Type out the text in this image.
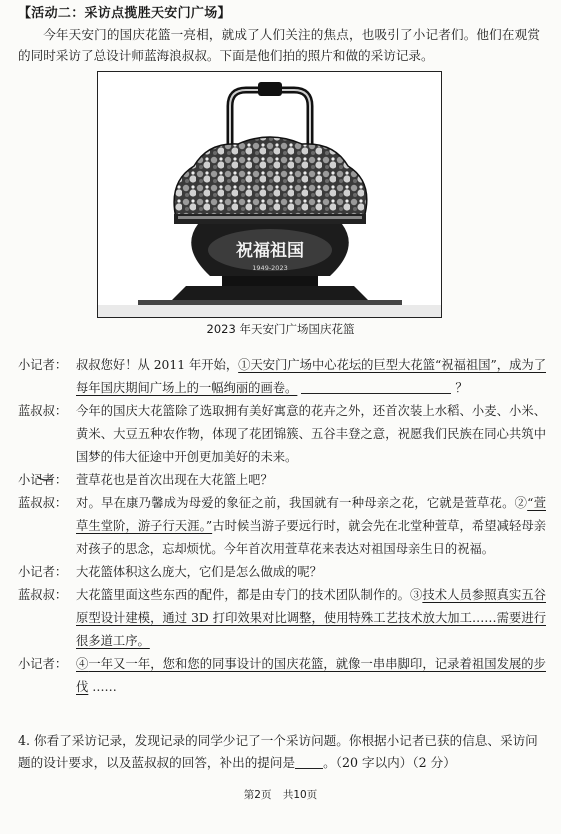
【活动二：采访点揽胜天安门广场】
今年天安门的国庆花篮一亮相，就成了人们关注的焦点，也吸引了小记者们。他们在观赏的同时采访了总设计师蓝海浪叔叔。下面是他们拍的照片和做的采访记录。
祝福祖国
1949-2023
2023 年天安门广场国庆花篮
小记者： 叔叔您好！从 2011 年开始，①天安门广场中心花坛的巨型大花篮“祝福祖国”，成为了每年国庆期间广场上的一幅绚丽的画卷。	？
蓝叔叔： 今年的国庆大花篮除了选取拥有美好寓意的花卉之外，还首次装上水稻、小麦、小米、黄米、大豆五种农作物，体现了花团锦簇、五谷丰登之意，祝愿我们民族在同心共筑中国梦的伟大征途中开创更加美好的未来。
小记者： 萱草花也是首次出现在大花篮上吧？
蓝叔叔： 对。早在康乃馨成为母爱的象征之前，我国就有一种母亲之花，它就是萱草花。②“萱草生堂阶，游子行天涯。”古时候当游子要远行时，就会先在北堂种萱草，希望减轻母亲对孩子的思念，忘却烦忧。今年首次用萱草花来表达对祖国母亲生日的祝福。
小记者： 大花篮体积这么庞大，它们是怎么做成的呢？
蓝叔叔： 大花篮里面这些东西的配件，都是由专门的技术团队制作的。③技术人员参照真实五谷原型设计建模，通过 3D 打印效果对比调整，使用特殊工艺技术放大加工……需要进行很多道工序。
小记者： ④一年又一年，您和您的同事设计的国庆花篮，就像一串串脚印，记录着祖国发展的步伐 ……
4. 你看了采访记录，发现记录的同学少记了一个采访问题。你根据小记者已获的信息、采访问题的设计要求，以及蓝叔叔的回答，补出的提问是 。（20 字以内）（2 分）
第2页 共10页
